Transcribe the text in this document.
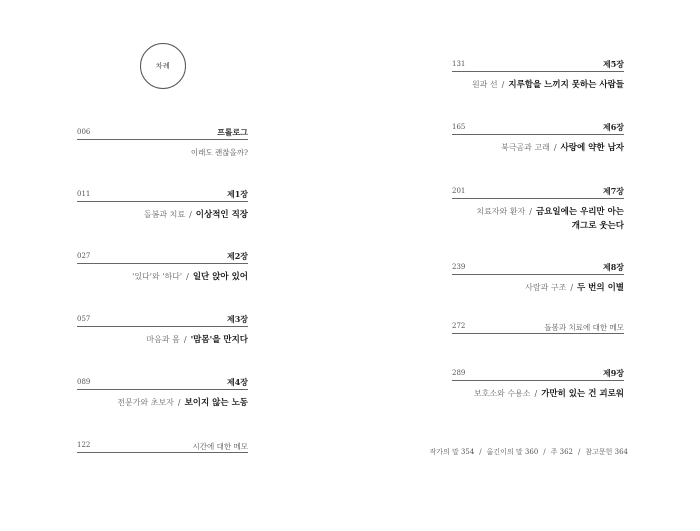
차례
006	프롤로그
이래도 괜찮을까?
011	제1장
돌봄과 치료 / 이상적인 직장
027	제2장
'있다'와 '하다' / 일단 앉아 있어
057	제3장
마음과 몸 / '맘몸'을 만지다
089	제4장
전문가와 초보자 / 보이지 않는 노동
122	시간에 대한 메모
131	제5장
원과 선 / 지루함을 느끼지 못하는 사람들
165	제6장
북극곰과 고래 / 사랑에 약한 남자
201	제7장
치료자와 환자 / 금요일에는 우리만 아는
개그로 웃는다
239	제8장
사람과 구조 / 두 번의 이별
272	돌봄과 치료에 대한 메모
289	제9장
보호소와 수용소 / 가만히 있는 건 괴로워
작가의 말 354 / 옮긴이의 말 360 / 주 362 / 참고문헌 364
